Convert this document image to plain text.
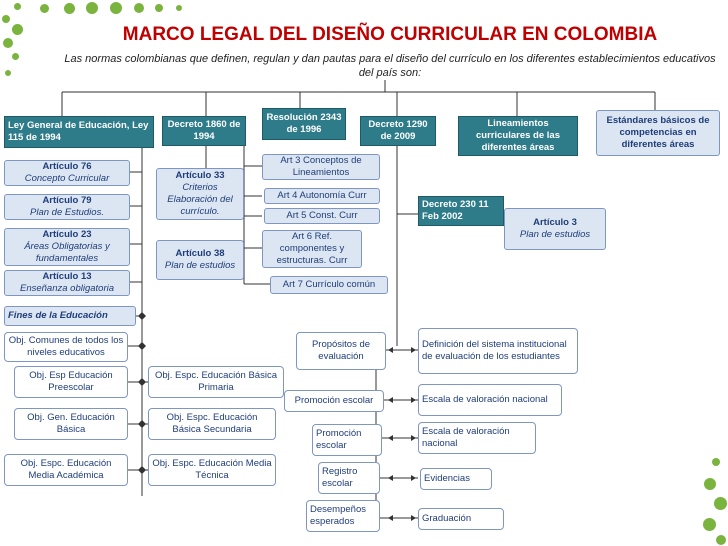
MARCO LEGAL DEL DISEÑO CURRICULAR EN COLOMBIA
Las normas colombianas que definen, regulan y dan pautas para el diseño del currículo en los diferentes establecimientos educativos del país son:
Ley General de Educación, Ley 115 de 1994
Decreto 1860 de 1994
Resolución 2343 de 1996	Decreto 1290 de 2009
Lineamientos curriculares de las diferentes áreas
Estándares básicos de competencias en diferentes áreas
Artículo 76
Concepto Curricular
Artículo 79
Plan de Estudios.
Artículo 23
Áreas Obligatorias y fundamentales
Artículo 13
Enseñanza obligatoria
Artículo 33
Criterios Elaboración del currículo.
Artículo 38
Plan de estudios
Art 3 Conceptos de Lineamientos
Art 4 Autonomía Curr
Art 5 Const. Curr
Art 6 Ref. componentes y estructuras. Curr
Art 7 Currículo común
Decreto 230 11 Feb 2002
Artículo 3
Plan de estudios
Fines de la Educación
Obj. Comunes de todos los niveles educativos
Obj. Esp Educación Preescolar
Obj. Gen. Educación Básica
Obj. Espc. Educación Media Académica
Obj. Espc. Educación Básica Primaria
Obj. Espc. Educación Básica Secundaria
Obj. Espc. Educación Media Técnica
Propósitos de evaluación
Promoción escolar
Promoción escolar
Registro escolar
Desempeños esperados
Definición del sistema institucional de evaluación de los estudiantes
Escala de valoración nacional
Escala de valoración nacional
Evidencias
Graduación
